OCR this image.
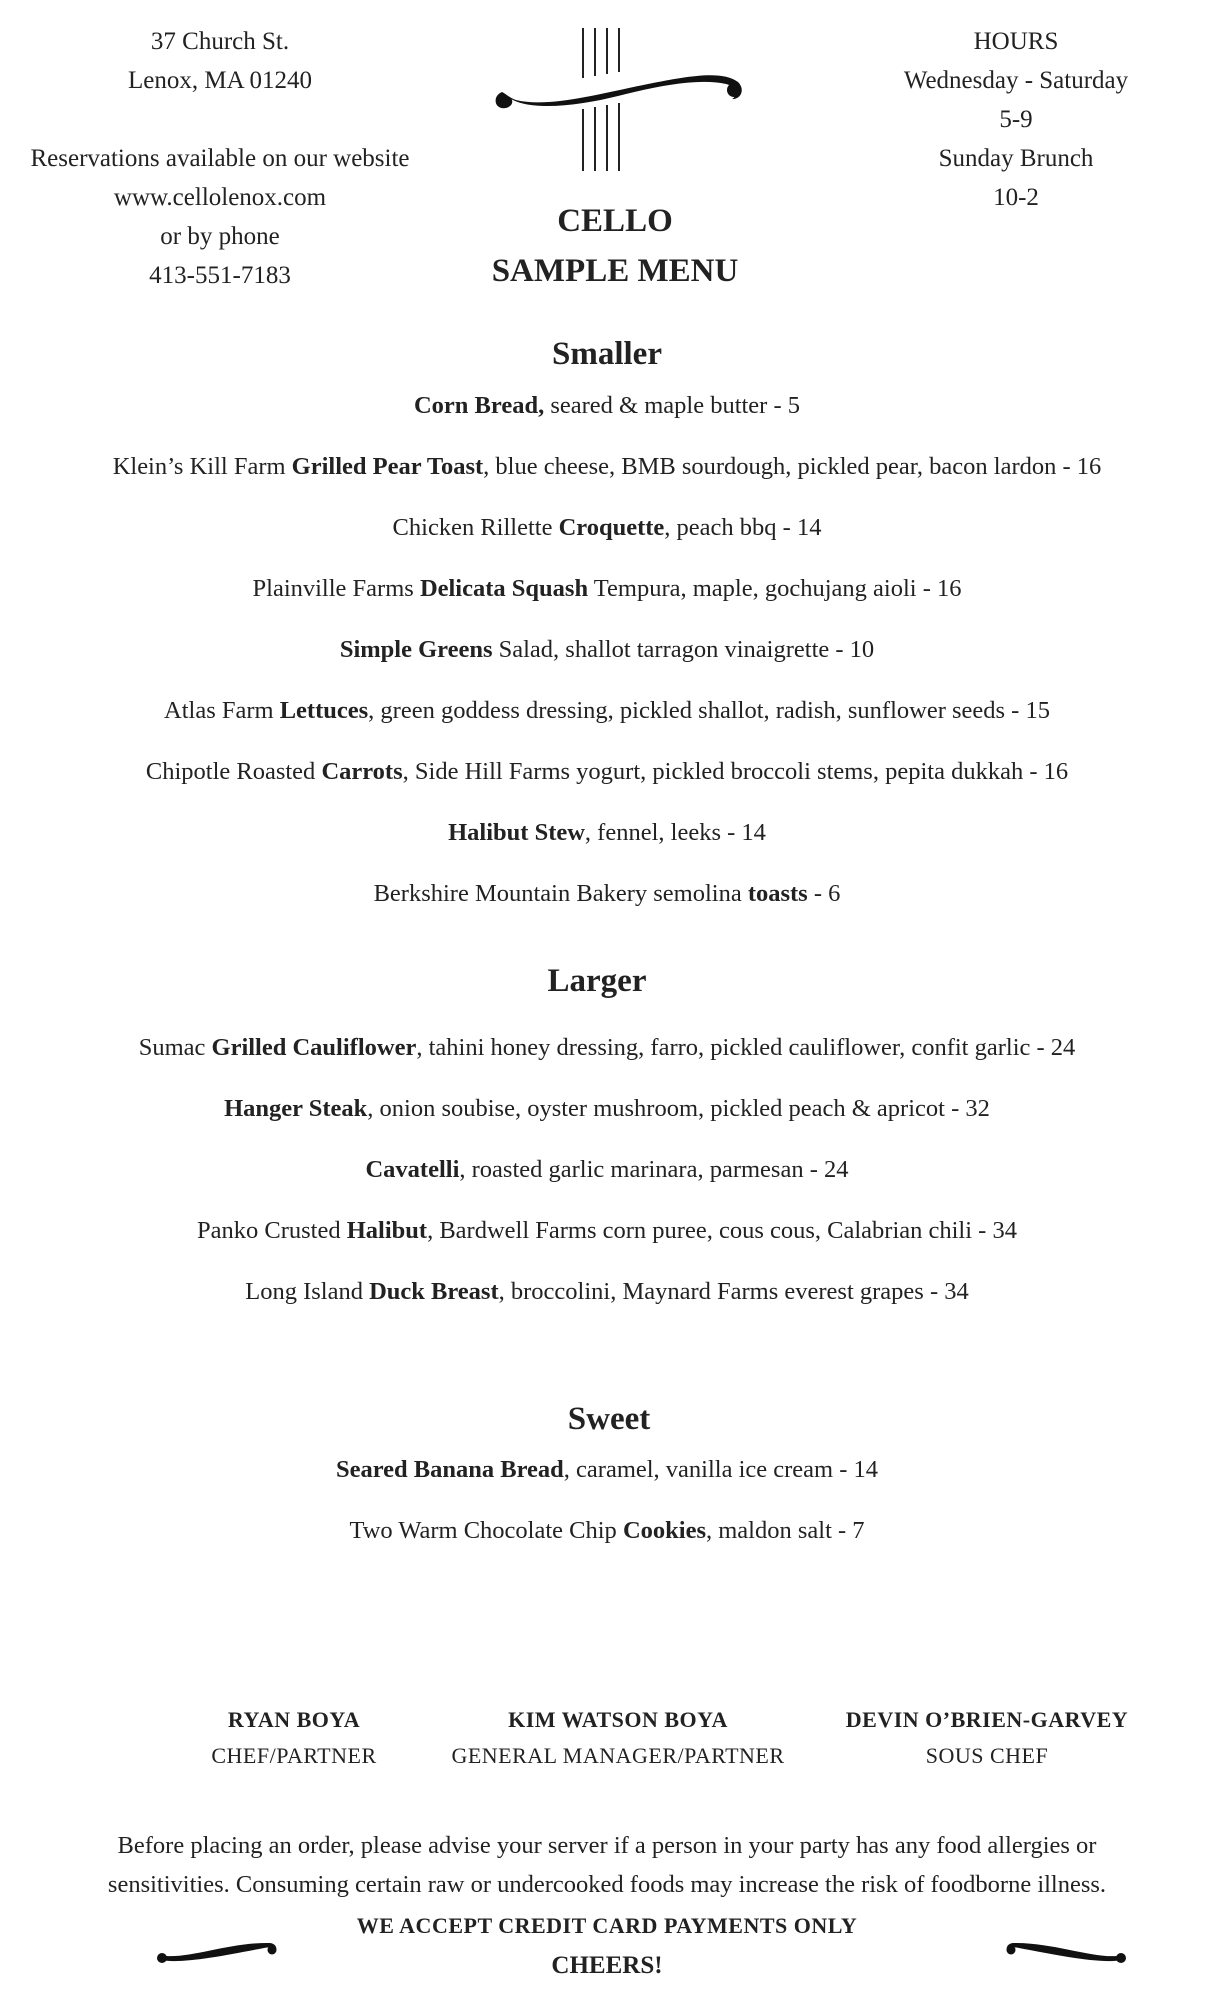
37 Church St.
Lenox, MA 01240
Reservations available on our website
www.cellolenox.com
or by phone
413-551-7183
HOURS
Wednesday - Saturday
5-9
Sunday Brunch
10-2
CELLO
SAMPLE MENU
Smaller
Corn Bread, seared & maple butter - 5
Klein’s Kill Farm Grilled Pear Toast, blue cheese, BMB sourdough, pickled pear, bacon lardon - 16
Chicken Rillette Croquette, peach bbq - 14
Plainville Farms Delicata Squash Tempura, maple, gochujang aioli - 16
Simple Greens Salad, shallot tarragon vinaigrette - 10
Atlas Farm Lettuces, green goddess dressing, pickled shallot, radish, sunflower seeds - 15
Chipotle Roasted Carrots, Side Hill Farms yogurt, pickled broccoli stems, pepita dukkah - 16
Halibut Stew, fennel, leeks - 14
Berkshire Mountain Bakery semolina toasts - 6
Larger
Sumac Grilled Cauliflower, tahini honey dressing, farro, pickled cauliflower, confit garlic - 24
Hanger Steak, onion soubise, oyster mushroom, pickled peach & apricot - 32
Cavatelli, roasted garlic marinara, parmesan - 24
Panko Crusted Halibut, Bardwell Farms corn puree, cous cous, Calabrian chili - 34
Long Island Duck Breast, broccolini, Maynard Farms everest grapes - 34
Sweet
Seared Banana Bread, caramel, vanilla ice cream - 14
Two Warm Chocolate Chip Cookies, maldon salt - 7
RYAN BOYA
CHEF/PARTNER
KIM WATSON BOYA
GENERAL MANAGER/PARTNER
DEVIN O’BRIEN-GARVEY
SOUS CHEF
Before placing an order, please advise your server if a person in your party has any food allergies or
sensitivities. Consuming certain raw or undercooked foods may increase the risk of foodborne illness.
WE ACCEPT CREDIT CARD PAYMENTS ONLY
CHEERS!
